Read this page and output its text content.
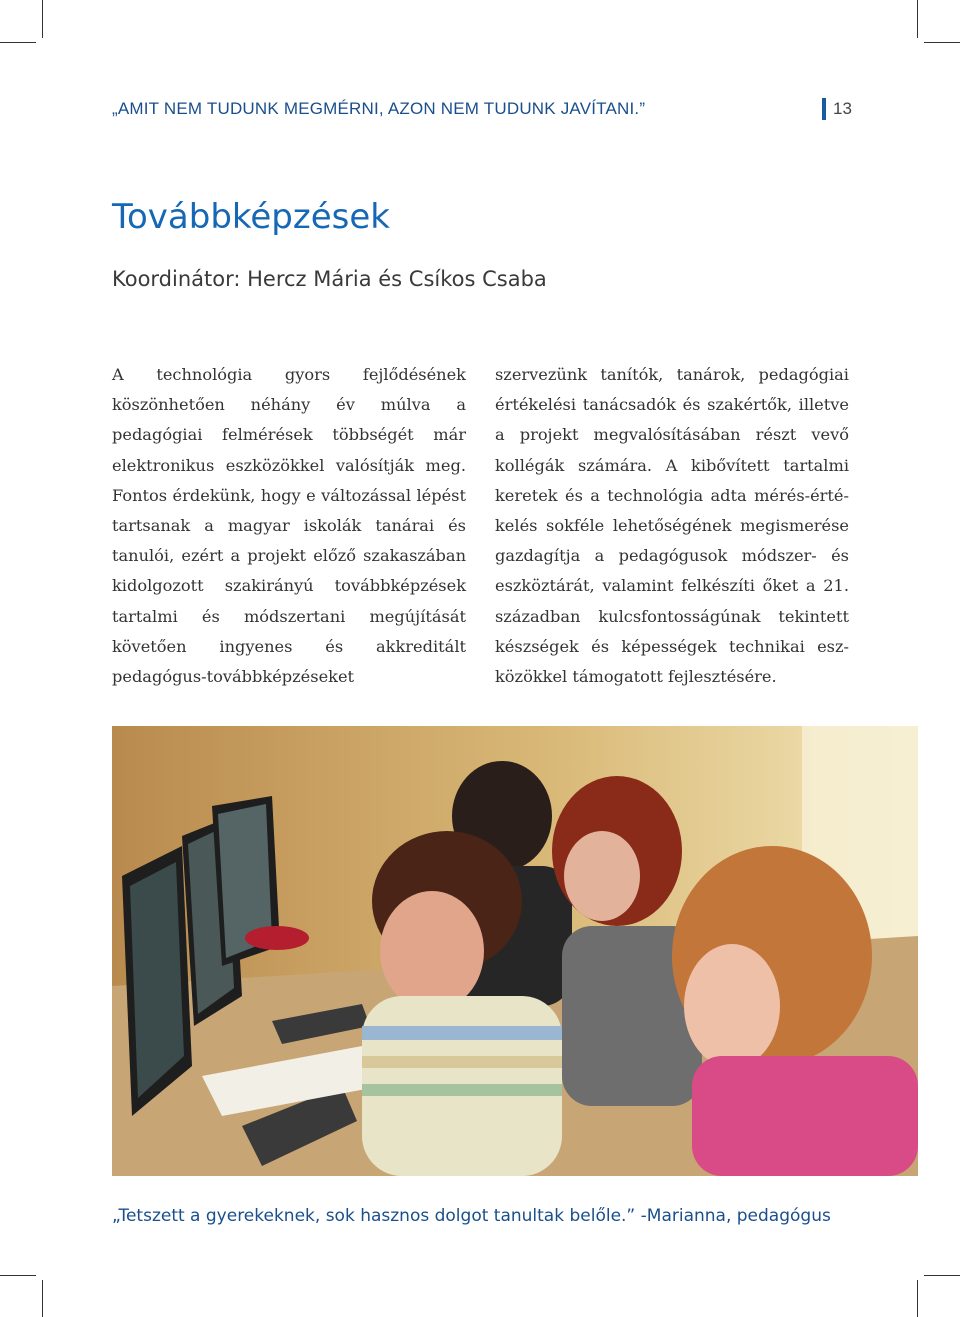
„AMIT NEM TUDUNK MEGMÉRNI, AZON NEM TUDUNK JAVÍTANI.”	13
Továbbképzések
Koordinátor: Hercz Mária és Csíkos Csaba
A technológia gyors fejlődésének köszönhetően néhány év múlva a pedagógiai felmérések többségét már elektronikus eszközökkel valósítják meg. Fontos érdekünk, hogy e változással lépést tartsanak a magyar iskolák tanárai és tanulói, ezért a projekt előző szakaszában kidolgozott szakirányú továbbképzések tartalmi és módszertani megújítását követően ingyenes és akkreditált pedagógus-továbbképzéseket
szervezünk tanítók, tanárok, pedagógiai értékelési tanácsadók és szakértők, illetve a projekt megvalósításában részt vevő kollégák számára. A kibővített tartalmi keretek és a technológia adta mérés-értékelés sokféle lehetőségének megismerése gazdagítja a pedagógusok módszer- és eszköztárát, valamint felkészíti őket a 21. században kulcsfontosságúnak tekintett készségek és képességek technikai eszközökkel támogatott fejlesztésére.
„Tetszett a gyerekeknek, sok hasznos dolgot tanultak belőle.” -Marianna, pedagógus
